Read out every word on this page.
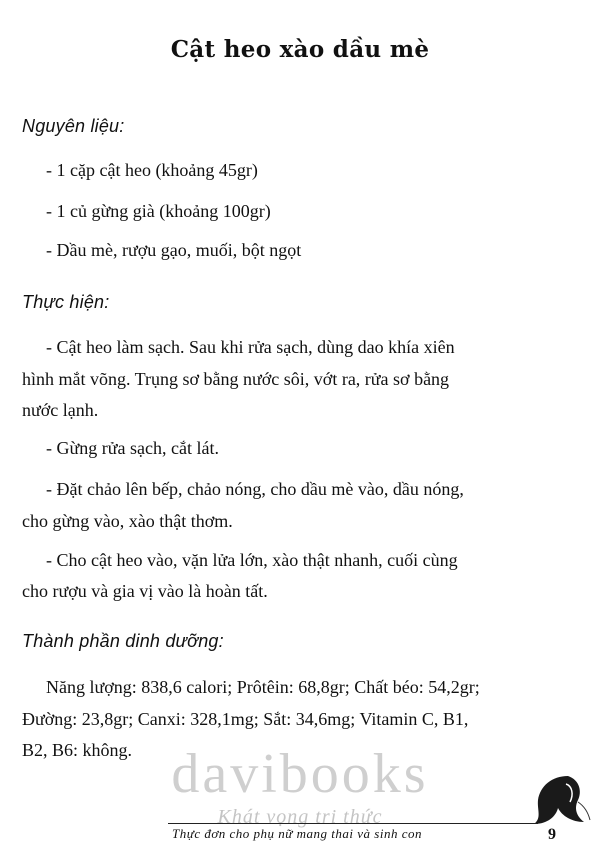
Cật heo xào dầu mè
Nguyên liệu:
- 1 cặp cật heo (khoảng 45gr)
- 1 củ gừng già (khoảng 100gr)
- Dầu mè, rượu gạo, muối, bột ngọt
Thực hiện:
- Cật heo làm sạch. Sau khi rửa sạch, dùng dao khía xiên
hình mắt võng. Trụng sơ bằng nước sôi, vớt ra, rửa sơ bằng
nước lạnh.
- Gừng rửa sạch, cắt lát.
- Đặt chảo lên bếp, chảo nóng, cho dầu mè vào, dầu nóng,
cho gừng vào, xào thật thơm.
- Cho cật heo vào, vặn lửa lớn, xào thật nhanh, cuối cùng
cho rượu và gia vị vào là hoàn tất.
Thành phần dinh dưỡng:
Năng lượng: 838,6 calori; Prôtêin: 68,8gr; Chất béo: 54,2gr;
Đường: 23,8gr; Canxi: 328,1mg; Sắt: 34,6mg; Vitamin C, B1,
B2, B6: không. davibooks
Khát vọng tri thức
Thực đơn cho phụ nữ mang thai và sinh con	9
